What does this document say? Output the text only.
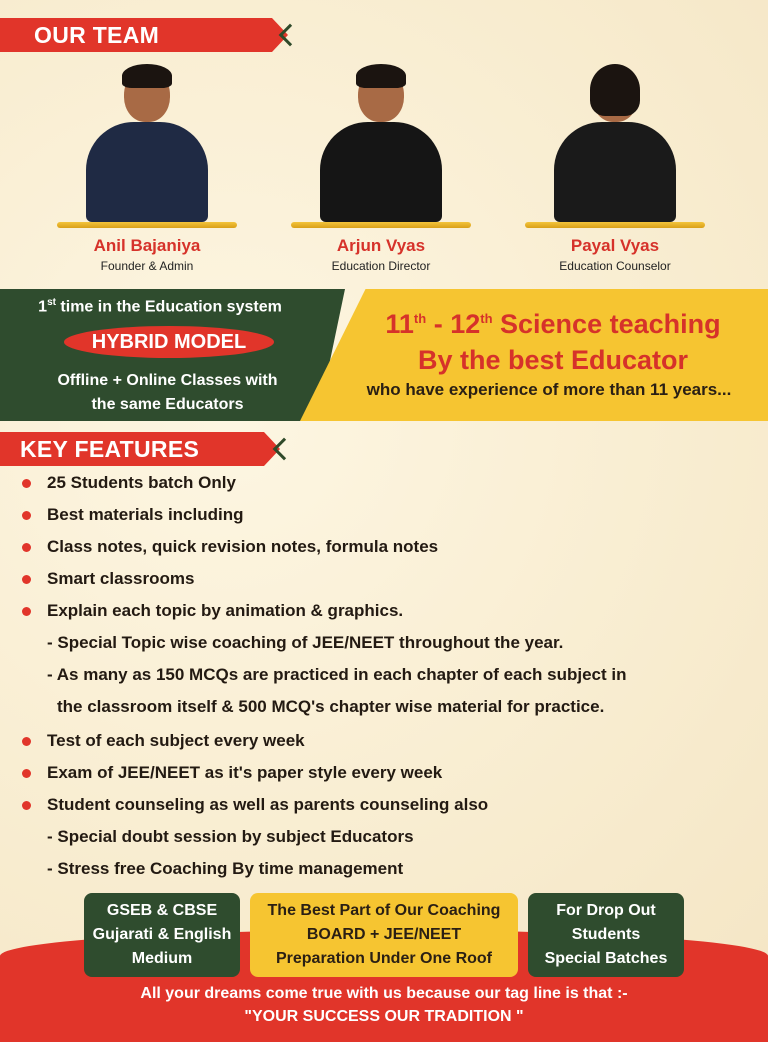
OUR TEAM
Anil Bajaniya
Founder & Admin
Arjun Vyas
Education Director
Payal Vyas
Education Counselor
1st time in the Education system
HYBRID MODEL
Offline + Online Classes with
the same Educators
11th - 12th Science teaching
By the best Educator
who have experience of more than 11 years...
KEY FEATURES
25 Students batch Only
Best materials including
Class notes, quick revision notes, formula notes
Smart classrooms
Explain each topic by animation & graphics.
- Special Topic wise coaching of JEE/NEET throughout the year.
- As many as 150 MCQs are practiced in each chapter of each subject in
the classroom itself & 500 MCQ's chapter wise material for practice.
Test of each subject every week
Exam of JEE/NEET as it's paper style every week
Student counseling as well as parents counseling also
- Special doubt session by subject Educators
- Stress free Coaching By time management
GSEB & CBSE
Gujarati & English
Medium
The Best Part of Our Coaching
BOARD + JEE/NEET
Preparation Under One Roof
For Drop Out
Students
Special Batches
All your dreams come true with us because our tag line is that :-
"YOUR SUCCESS OUR TRADITION "
